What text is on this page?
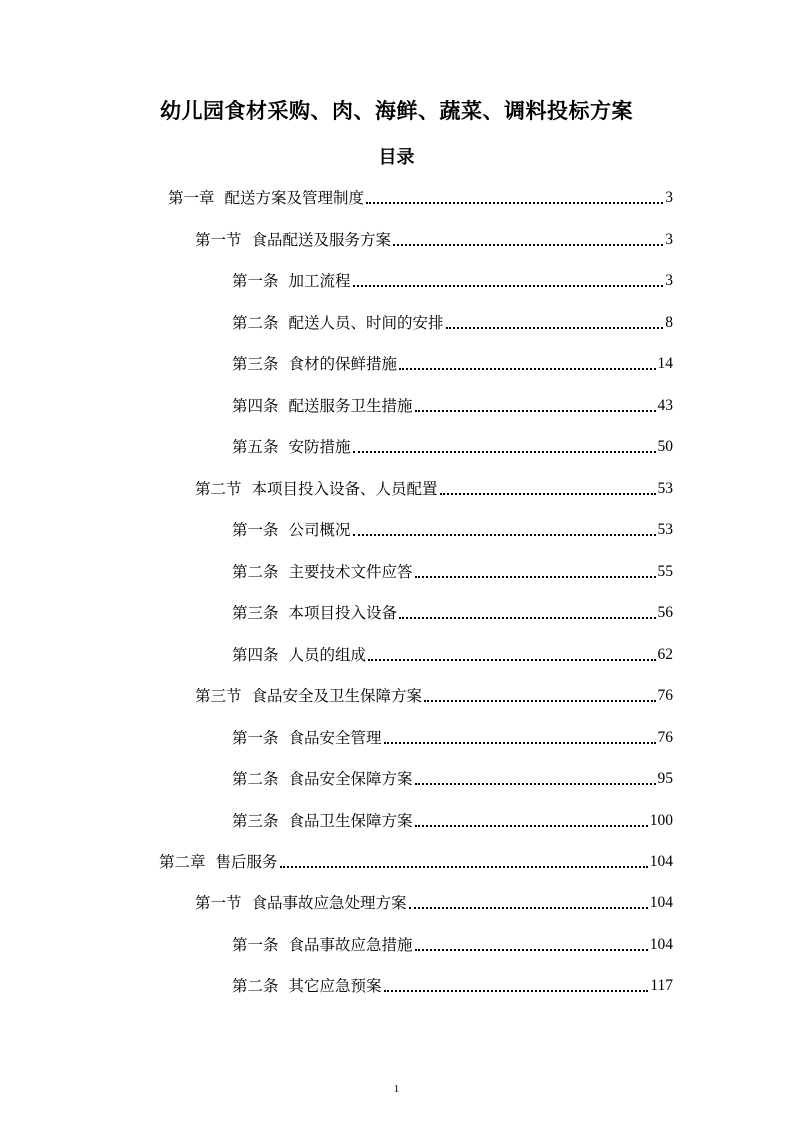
幼儿园食材采购、肉、海鲜、蔬菜、调料投标方案
目录
第一章 配送方案及管理制度	3
第一节 食品配送及服务方案	3
第一条 加工流程	3
第二条 配送人员、时间的安排	8
第三条 食材的保鲜措施	14
第四条 配送服务卫生措施	43
第五条 安防措施	50
第二节 本项目投入设备、人员配置	53
第一条 公司概况	53
第二条 主要技术文件应答	55
第三条 本项目投入设备	56
第四条 人员的组成	62
第三节 食品安全及卫生保障方案	76
第一条 食品安全管理	76
第二条 食品安全保障方案	95
第三条 食品卫生保障方案	100
第二章 售后服务	104
第一节 食品事故应急处理方案	104
第一条 食品事故应急措施	104
第二条 其它应急预案	117
1
